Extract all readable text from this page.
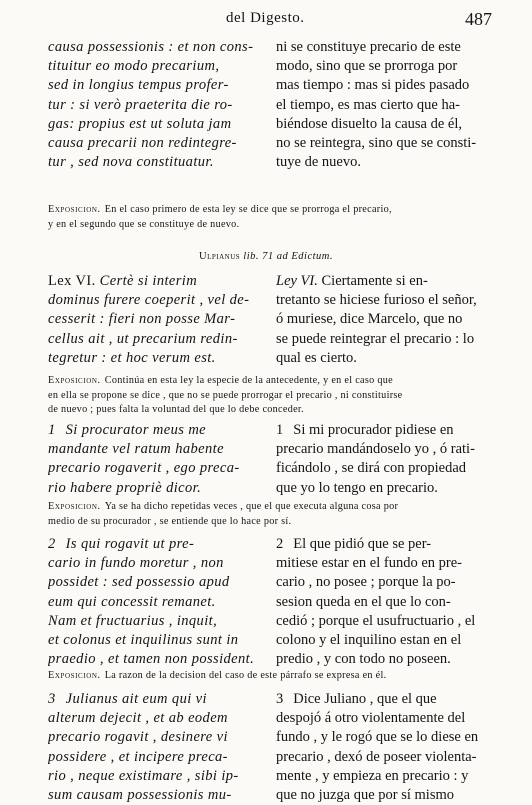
del Digesto.	487
causa possessionis : et non cons-
tituitur eo modo precarium,
sed in longius tempus profer-
tur : si verò praeterita die ro-
gas: propius est ut soluta jam
causa precarii non redintegre-
tur , sed nova constituatur.
ni se constituye precario de este
modo, sino que se prorroga por
mas tiempo : mas si pides pasado
el tiempo, es mas cierto que ha-
biéndose disuelto la causa de él,
no se reintegra, sino que se consti-
tuye de nuevo.
Exposicion. En el caso primero de esta ley se dice que se prorroga el precario,
y en el segundo que se constituye de nuevo.
Ulpianus lib. 71 ad Edictum.
Lex VI. Certè si interim
dominus furere coeperit , vel de-
cesserit : fieri non posse Mar-
cellus ait , ut precarium redin-
tegretur : et hoc verum est.
Ley VI. Ciertamente si en-
tretanto se hiciese furioso el señor,
ó muriese, dice Marcelo, que no
se puede reintegrar el precario : lo
qual es cierto.
Exposicion. Continúa en esta ley la especie de la antecedente, y en el caso que
en ella se propone se dice , que no se puede prorrogar el precario , ni constituirse
de nuevo ; pues falta la voluntad del que lo debe conceder.
1 Si procurator meus me
mandante vel ratum habente
precario rogaverit , ego preca-
rio habere propriè dicor.
1 Si mi procurador pidiese en
precario mandándoselo yo , ó rati-
ficándolo , se dirá con propiedad
que yo lo tengo en precario.
Exposicion. Ya se ha dicho repetidas veces , que el que executa alguna cosa por
medio de su procurador , se entiende que lo hace por sí.
2 Is qui rogavit ut pre-
cario in fundo moretur , non
possidet : sed possessio apud
eum qui concessit remanet.
Nam et fructuarius , inquit,
et colonus et inquilinus sunt in
praedio , et tamen non possident.
2 El que pidió que se per-
mitiese estar en el fundo en pre-
cario , no posee ; porque la po-
sesion queda en el que lo con-
cedió ; porque el usufructuario , el
colono y el inquilino estan en el
predio , y con todo no poseen.
Exposicion. La razon de la decision del caso de este párrafo se expresa en él.
3 Julianus ait eum qui vi
alterum dejecit , et ab eodem
precario rogavit , desinere vi
possidere , et incipere preca-
rio , neque existimare , sibi ip-
sum causam possessionis mu-
3 Dice Juliano , que el que
despojó á otro violentamente del
fundo , y le rogó que se lo diese en
precario , dexó de poseer violenta-
mente , y empieza en precario : y
que no juzga que por sí mismo
